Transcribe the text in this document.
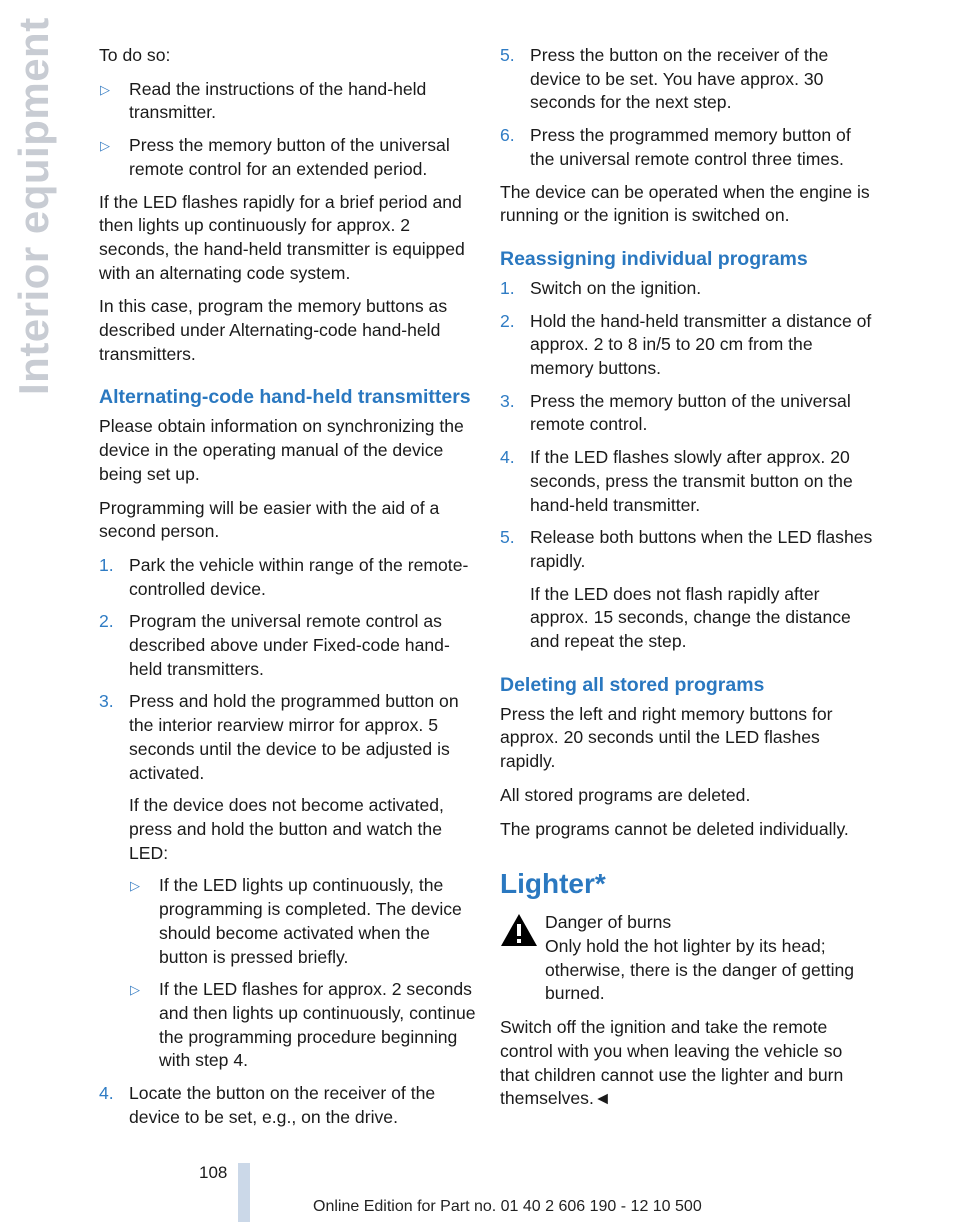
Interior equipment	To do so:

▷ Read the instructions of the hand-held transmitter.
▷ Press the memory button of the universal remote control for an extended period.

If the LED flashes rapidly for a brief period and then lights up continuously for approx. 2 seconds, the hand-held transmitter is equipped with an alternating code system.

In this case, program the memory buttons as described under Alternating-code hand-held transmitters.

Alternating-code hand-held transmitters

Please obtain information on synchronizing the device in the operating manual of the device being set up.

Programming will be easier with the aid of a second person.

1. Park the vehicle within range of the remote-controlled device.
2. Program the universal remote control as described above under Fixed-code hand-held transmitters.
3. Press and hold the programmed button on the interior rearview mirror for approx. 5 seconds until the device to be adjusted is activated.
If the device does not become activated, press and hold the button and watch the LED:
▷ If the LED lights up continuously, the programming is completed. The device should become activated when the button is pressed briefly.
▷ If the LED flashes for approx. 2 seconds and then lights up continuously, continue the programming procedure beginning with step 4.
4. Locate the button on the receiver of the device to be set, e.g., on the drive.
5. Press the button on the receiver of the device to be set. You have approx. 30 seconds for the next step.
6. Press the programmed memory button of the universal remote control three times.

The device can be operated when the engine is running or the ignition is switched on.

Reassigning individual programs
1. Switch on the ignition.
2. Hold the hand-held transmitter a distance of approx. 2 to 8 in/5 to 20 cm from the memory buttons.
3. Press the memory button of the universal remote control.
4. If the LED flashes slowly after approx. 20 seconds, press the transmit button on the hand-held transmitter.
5. Release both buttons when the LED flashes rapidly.
If the LED does not flash rapidly after approx. 15 seconds, change the distance and repeat the step.
Deleting all stored programs

Press the left and right memory buttons for approx. 20 seconds until the LED flashes rapidly.

All stored programs are deleted.

The programs cannot be deleted individually.

Lighter*
Danger of burns

Only hold the hot lighter by its head; otherwise, there is the danger of getting burned.

Switch off the ignition and take the remote control with you when leaving the vehicle so that children cannot use the lighter and burn themselves.◄

108
Online Edition for Part no. 01 40 2 606 190 - 12 10 500
